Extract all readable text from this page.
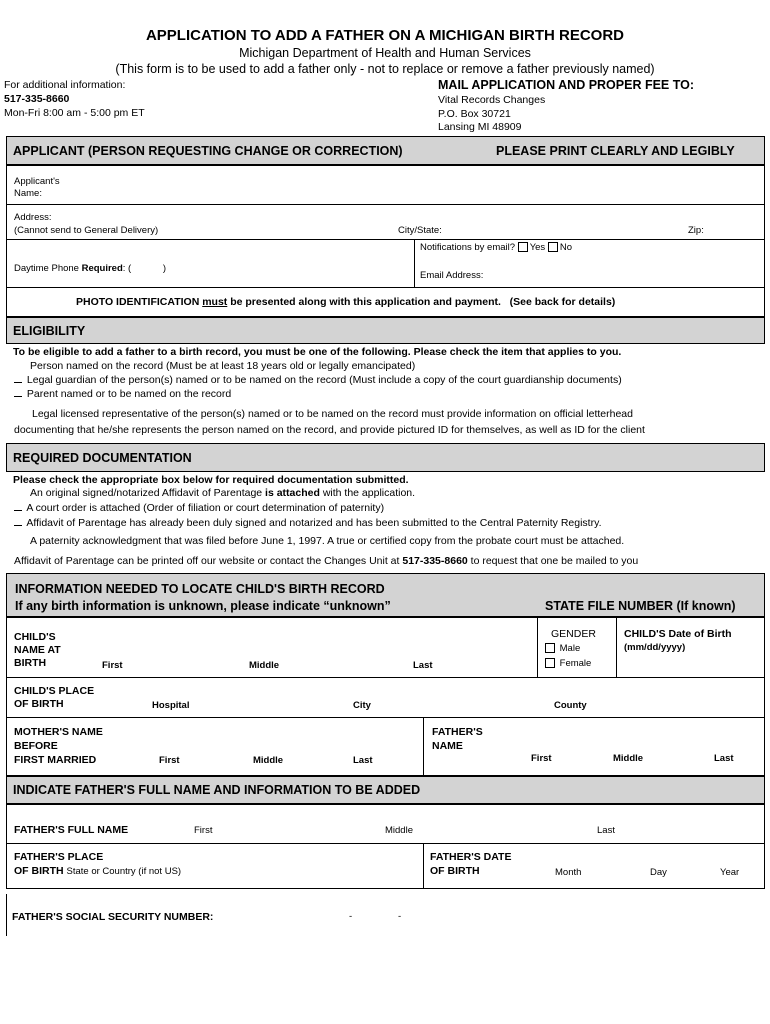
APPLICATION TO ADD A FATHER ON A MICHIGAN BIRTH RECORD
Michigan Department of Health and Human Services
(This form is to be used to add a father only - not to replace or remove a father previously named)
For additional information:
517-335-8660
Mon-Fri 8:00 am - 5:00 pm ET
MAIL APPLICATION AND PROPER FEE TO:
Vital Records Changes
P.O. Box 30721
Lansing MI 48909
APPLICANT (PERSON REQUESTING CHANGE OR CORRECTION)	PLEASE PRINT CLEARLY AND LEGIBLY
Applicant's
Name:
Address:
(Cannot send to General Delivery)	City/State:	Zip:
Notifications by email? Yes No
Daytime Phone Required: (            )
Email Address:
PHOTO IDENTIFICATION must be presented along with this application and payment.   (See back for details)
ELIGIBILITY
To be eligible to add a father to a birth record, you must be one of the following. Please check the item that applies to you.
Person named on the record (Must be at least 18 years old or legally emancipated)
Legal guardian of the person(s) named or to be named on the record (Must include a copy of the court guardianship documents)
Parent named or to be named on the record
Legal licensed representative of the person(s) named or to be named on the record must provide information on official letterhead
documenting that he/she represents the person named on the record, and provide pictured ID for themselves, as well as ID for the client
REQUIRED DOCUMENTATION
Please check the appropriate box below for required documentation submitted.
An original signed/notarized Affidavit of Parentage is attached with the application.
A court order is attached (Order of filiation or court determination of paternity)
Affidavit of Parentage has already been duly signed and notarized and has been submitted to the Central Paternity Registry.
A paternity acknowledgment that was filed before June 1, 1997. A true or certified copy from the probate court must be attached.
Affidavit of Parentage can be printed off our website or contact the Changes Unit at 517-335-8660 to request that one be mailed to you
INFORMATION NEEDED TO LOCATE CHILD'S BIRTH RECORD
If any birth information is unknown, please indicate “unknown”	STATE FILE NUMBER (If known)
CHILD'S
NAME AT
BIRTH	First	Middle	Last
GENDER
Male
Female
CHILD'S Date of Birth
(mm/dd/yyyy)
CHILD'S PLACE
OF BIRTH	Hospital	City	County
MOTHER'S NAME
BEFORE
FIRST MARRIED	First	Middle	Last
FATHER'S
NAME
First	Middle	Last
INDICATE FATHER'S FULL NAME AND INFORMATION TO BE ADDED
FATHER'S FULL NAME	First	Middle	Last
FATHER'S PLACE
OF BIRTH State or Country (if not US)
FATHER'S DATE
OF BIRTH	Month	Day	Year
FATHER'S SOCIAL SECURITY NUMBER:	-	-
